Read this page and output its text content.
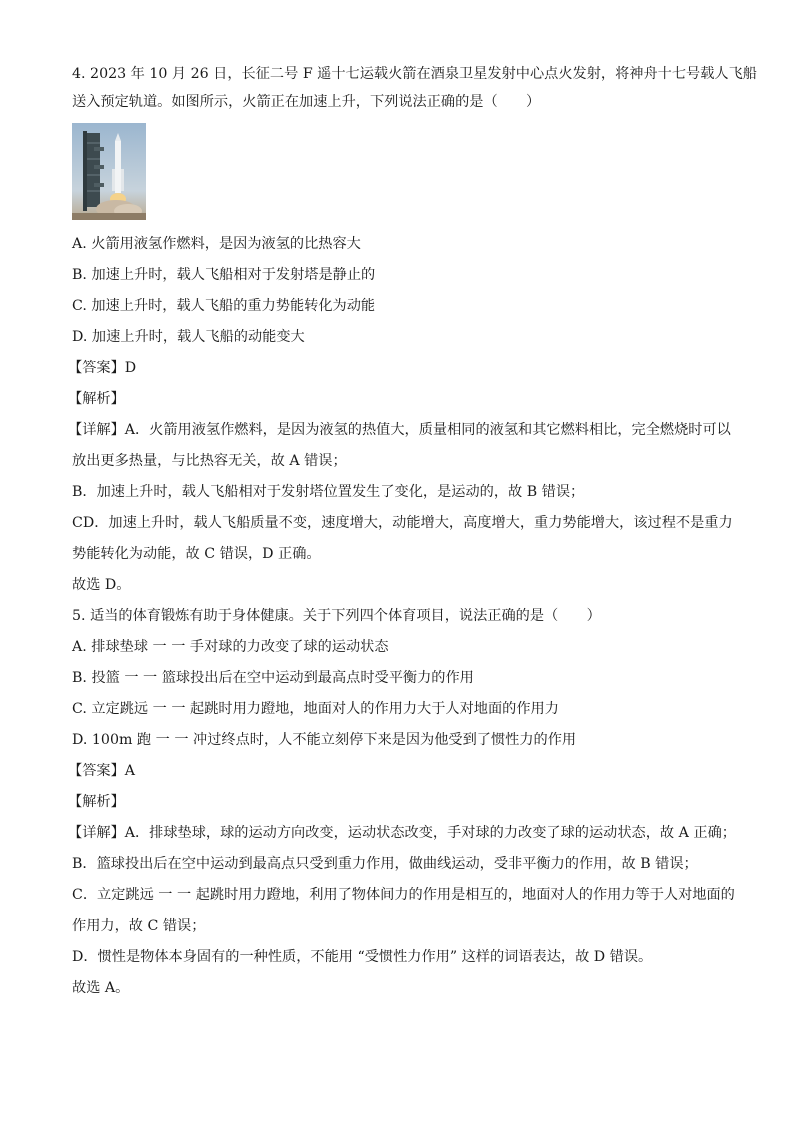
4. 2023 年 10 月 26 日，长征二号 F 遥十七运载火箭在酒泉卫星发射中心点火发射，将神舟十七号载人飞船
送入预定轨道。如图所示，火箭正在加速上升，下列说法正确的是（　　）
A. 火箭用液氢作燃料，是因为液氢的比热容大
B. 加速上升时，载人飞船相对于发射塔是静止的
C. 加速上升时，载人飞船的重力势能转化为动能
D. 加速上升时，载人飞船的动能变大
【答案】D
【解析】
【详解】A．火箭用液氢作燃料，是因为液氢的热值大，质量相同的液氢和其它燃料相比，完全燃烧时可以
放出更多热量，与比热容无关，故 A 错误；
B．加速上升时，载人飞船相对于发射塔位置发生了变化，是运动的，故 B 错误；
CD．加速上升时，载人飞船质量不变，速度增大，动能增大，高度增大，重力势能增大，该过程不是重力
势能转化为动能，故 C 错误，D 正确。
故选 D。
5. 适当的体育锻炼有助于身体健康。关于下列四个体育项目，说法正确的是（　　）
A. 排球垫球 一 一 手对球的力改变了球的运动状态
B. 投篮 一 一 篮球投出后在空中运动到最高点时受平衡力的作用
C. 立定跳远 一 一 起跳时用力蹬地，地面对人的作用力大于人对地面的作用力
D. 100m 跑 一 一 冲过终点时，人不能立刻停下来是因为他受到了惯性力的作用
【答案】A
【解析】
【详解】A．排球垫球，球的运动方向改变，运动状态改变，手对球的力改变了球的运动状态，故 A 正确；
B．篮球投出后在空中运动到最高点只受到重力作用，做曲线运动，受非平衡力的作用，故 B 错误；
C．立定跳远 一 一 起跳时用力蹬地，利用了物体间力的作用是相互的，地面对人的作用力等于人对地面的
作用力，故 C 错误；
D．惯性是物体本身固有的一种性质，不能用 “受惯性力作用” 这样的词语表达，故 D 错误。
故选 A。
